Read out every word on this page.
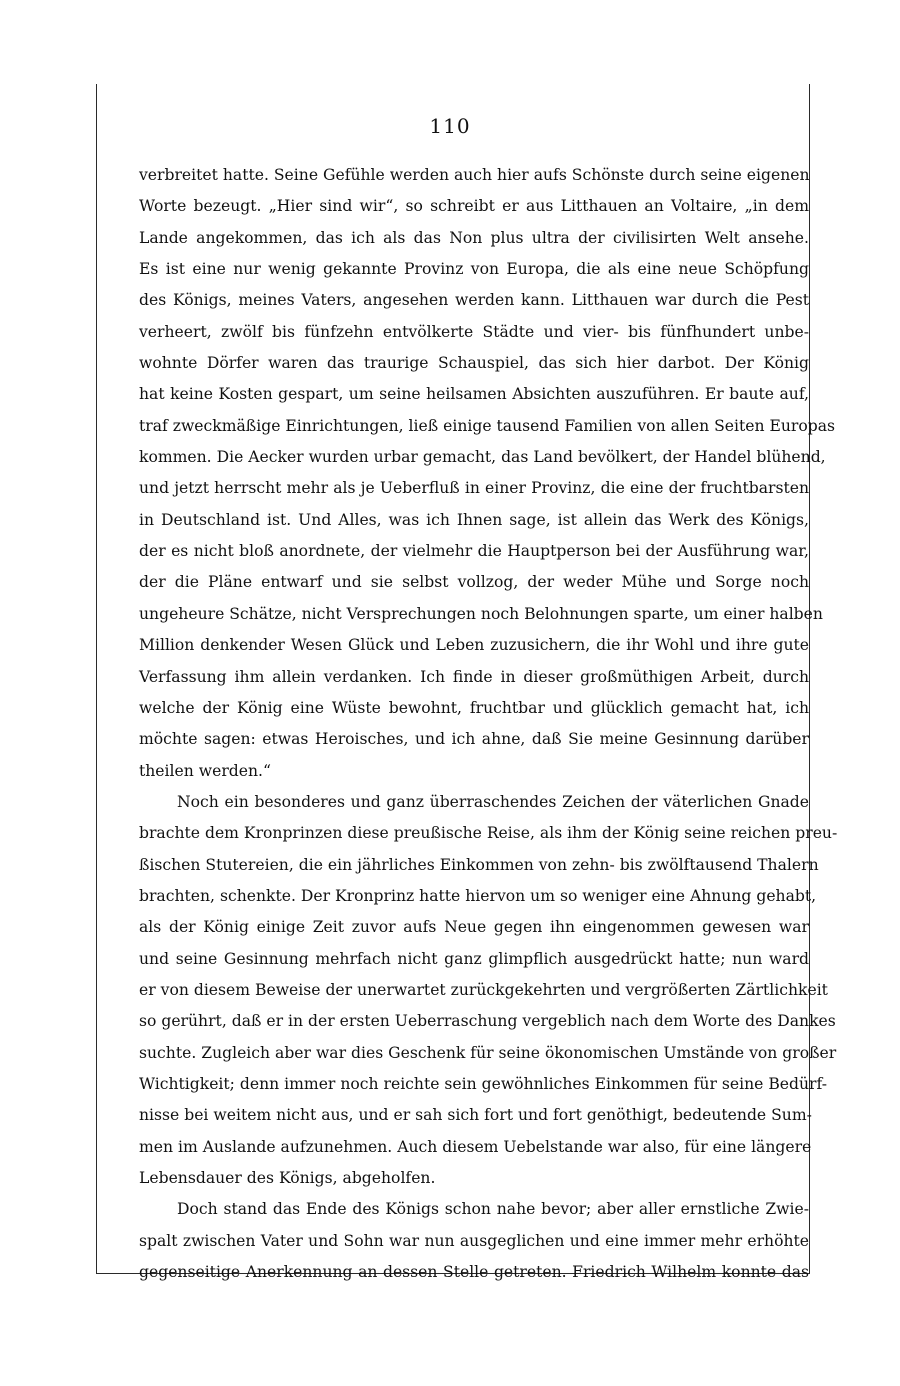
110
verbreitet hatte. Seine Gefühle werden auch hier aufs Schönste durch seine eigenen
Worte bezeugt. „Hier sind wir“, so schreibt er aus Litthauen an Voltaire, „in dem
Lande angekommen, das ich als das Non plus ultra der civilisirten Welt ansehe.
Es ist eine nur wenig gekannte Provinz von Europa, die als eine neue Schöpfung
des Königs, meines Vaters, angesehen werden kann. Litthauen war durch die Pest
verheert, zwölf bis fünfzehn entvölkerte Städte und vier- bis fünfhundert unbe-
wohnte Dörfer waren das traurige Schauspiel, das sich hier darbot. Der König
hat keine Kosten gespart, um seine heilsamen Absichten auszuführen. Er baute auf,
traf zweckmäßige Einrichtungen, ließ einige tausend Familien von allen Seiten Europas
kommen. Die Aecker wurden urbar gemacht, das Land bevölkert, der Handel blühend,
und jetzt herrscht mehr als je Ueberfluß in einer Provinz, die eine der fruchtbarsten
in Deutschland ist. Und Alles, was ich Ihnen sage, ist allein das Werk des Königs,
der es nicht bloß anordnete, der vielmehr die Hauptperson bei der Ausführung war,
der die Pläne entwarf und sie selbst vollzog, der weder Mühe und Sorge noch
ungeheure Schätze, nicht Versprechungen noch Belohnungen sparte, um einer halben
Million denkender Wesen Glück und Leben zuzusichern, die ihr Wohl und ihre gute
Verfassung ihm allein verdanken. Ich finde in dieser großmüthigen Arbeit, durch
welche der König eine Wüste bewohnt, fruchtbar und glücklich gemacht hat, ich
möchte sagen: etwas Heroisches, und ich ahne, daß Sie meine Gesinnung darüber
theilen werden.“
Noch ein besonderes und ganz überraschendes Zeichen der väterlichen Gnade
brachte dem Kronprinzen diese preußische Reise, als ihm der König seine reichen preu-
ßischen Stutereien, die ein jährliches Einkommen von zehn- bis zwölftausend Thalern
brachten, schenkte. Der Kronprinz hatte hiervon um so weniger eine Ahnung gehabt,
als der König einige Zeit zuvor aufs Neue gegen ihn eingenommen gewesen war
und seine Gesinnung mehrfach nicht ganz glimpflich ausgedrückt hatte; nun ward
er von diesem Beweise der unerwartet zurückgekehrten und vergrößerten Zärtlichkeit
so gerührt, daß er in der ersten Ueberraschung vergeblich nach dem Worte des Dankes
suchte. Zugleich aber war dies Geschenk für seine ökonomischen Umstände von großer
Wichtigkeit; denn immer noch reichte sein gewöhnliches Einkommen für seine Bedürf-
nisse bei weitem nicht aus, und er sah sich fort und fort genöthigt, bedeutende Sum-
men im Auslande aufzunehmen. Auch diesem Uebelstande war also, für eine längere
Lebensdauer des Königs, abgeholfen.
Doch stand das Ende des Königs schon nahe bevor; aber aller ernstliche Zwie-
spalt zwischen Vater und Sohn war nun ausgeglichen und eine immer mehr erhöhte
gegenseitige Anerkennung an dessen Stelle getreten. Friedrich Wilhelm konnte das
